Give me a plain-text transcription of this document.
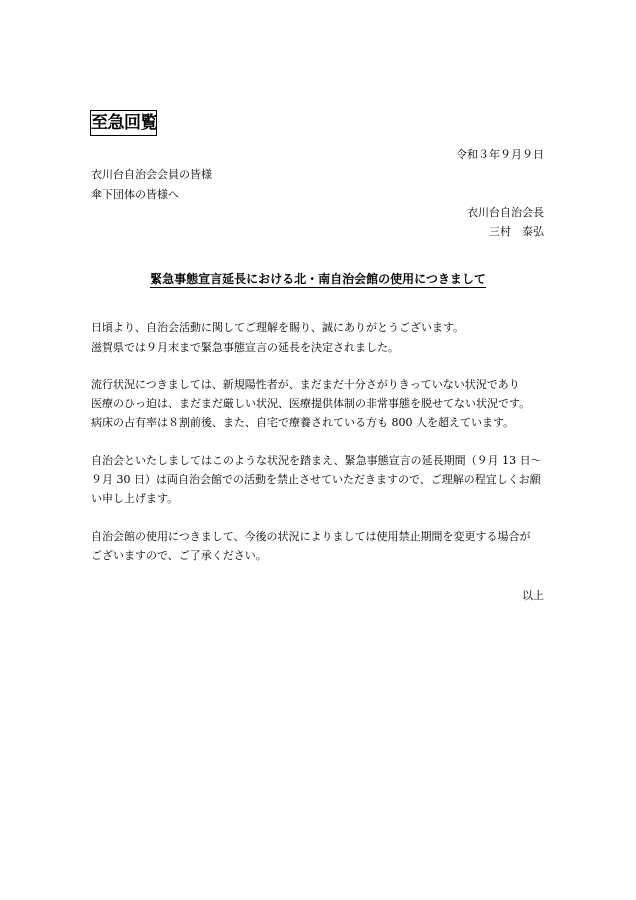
至急回覧
令和３年９月９日
衣川台自治会会員の皆様
傘下団体の皆様へ
衣川台自治会長
三村　泰弘
緊急事態宣言延長における北・南自治会館の使用につきまして
日頃より、自治会活動に関してご理解を賜り、誠にありがとうございます。
滋賀県では９月末まで緊急事態宣言の延長を決定されました。
流行状況につきましては、新規陽性者が、まだまだ十分さがりきっていない状況であり
医療のひっ迫は、まだまだ厳しい状況、医療提供体制の非常事態を脱せてない状況です。
病床の占有率は８割前後、また、自宅で療養されている方も 800 人を超えています。
自治会といたしましてはこのような状況を踏まえ、緊急事態宣言の延長期間（９月 13 日～
９月 30 日）は両自治会館での活動を禁止させていただきますので、ご理解の程宜しくお願
い申し上げます。
自治会館の使用につきまして、今後の状況によりましては使用禁止期間を変更する場合が
ございますので、ご了承ください。
以上
